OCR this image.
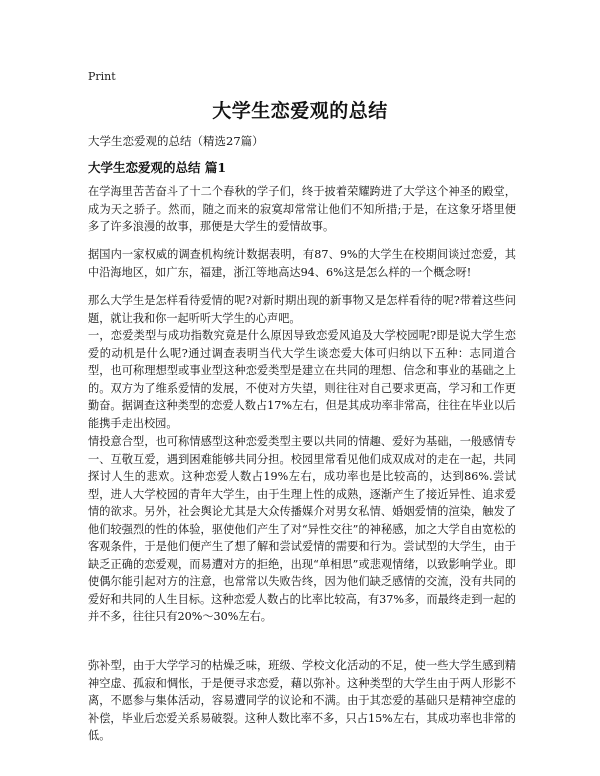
Print
大学生恋爱观的总结
大学生恋爱观的总结（精选27篇）
大学生恋爱观的总结 篇1

在学海里苦苦奋斗了十二个春秋的学子们，终于披着荣耀跨进了大学这个神圣的殿堂，成为天之骄子。然而，随之而来的寂寞却常常让他们不知所措;于是，在这象牙塔里便多了许多浪漫的故事，那便是大学生的爱情故事。

据国内一家权威的调查机构统计数据表明，有87、9%的大学生在校期间谈过恋爱，其中沿海地区，如广东，福建，浙江等地高达94、6%这是怎么样的一个概念呀!

那么大学生是怎样看待爱情的呢?对新时期出现的新事物又是怎样看待的呢?带着这些问题，就让我和你一起听听大学生的心声吧。

一，恋爱类型与成功指数究竟是什么原因导致恋爱风追及大学校园呢?即是说大学生恋爱的动机是什么呢?通过调查表明当代大学生谈恋爱大体可归纳以下五种：志同道合型，也可称理想型或事业型这种恋爱类型是建立在共同的理想、信念和事业的基础之上的。双方为了维系爱情的发展，不使对方失望，则往往对自己要求更高，学习和工作更勤奋。据调查这种类型的恋爱人数占17%左右，但是其成功率非常高，往往在毕业以后能携手走出校园。

情投意合型，也可称情感型这种恋爱类型主要以共同的情趣、爱好为基础，一般感情专一、互敬互爱，遇到困难能够共同分担。校园里常看见他们成双成对的走在一起，共同探讨人生的悲欢。这种恋爱人数占19%左右，成功率也是比较高的，达到86%.尝试型，进人大学校园的青年大学生，由于生理上性的成熟，逐渐产生了接近异性、追求爱情的欲求。另外，社会舆论尤其是大众传播媒介对男女私情、婚姻爱情的渲染，触发了他们较强烈的性的体验，驱使他们产生了对“异性交往”的神秘感，加之大学自由宽松的客观条件，于是他们便产生了想了解和尝试爱情的需要和行为。尝试型的大学生，由于缺乏正确的恋爱观，而易遭对方的拒绝，出现“单相思”或悲观情绪，以致影响学业。即使偶尔能引起对方的注意，也常常以失败告终，因为他们缺乏感情的交流，没有共同的爱好和共同的人生目标。这种恋爱人数占的比率比较高，有37%多，而最终走到一起的并不多，往往只有20%～30%左右。

弥补型，由于大学学习的枯燥乏味，班级、学校文化活动的不足，使一些大学生感到精神空虚、孤寂和惆怅，于是便寻求恋爱，藉以弥补。这种类型的大学生由于两人形影不离，不愿参与集体活动，容易遭同学的议论和不满。由于其恋爱的基础只是精神空虚的补偿，毕业后恋爱关系易破裂。这种人数比率不多，只占15%左右，其成功率也非常的低。
